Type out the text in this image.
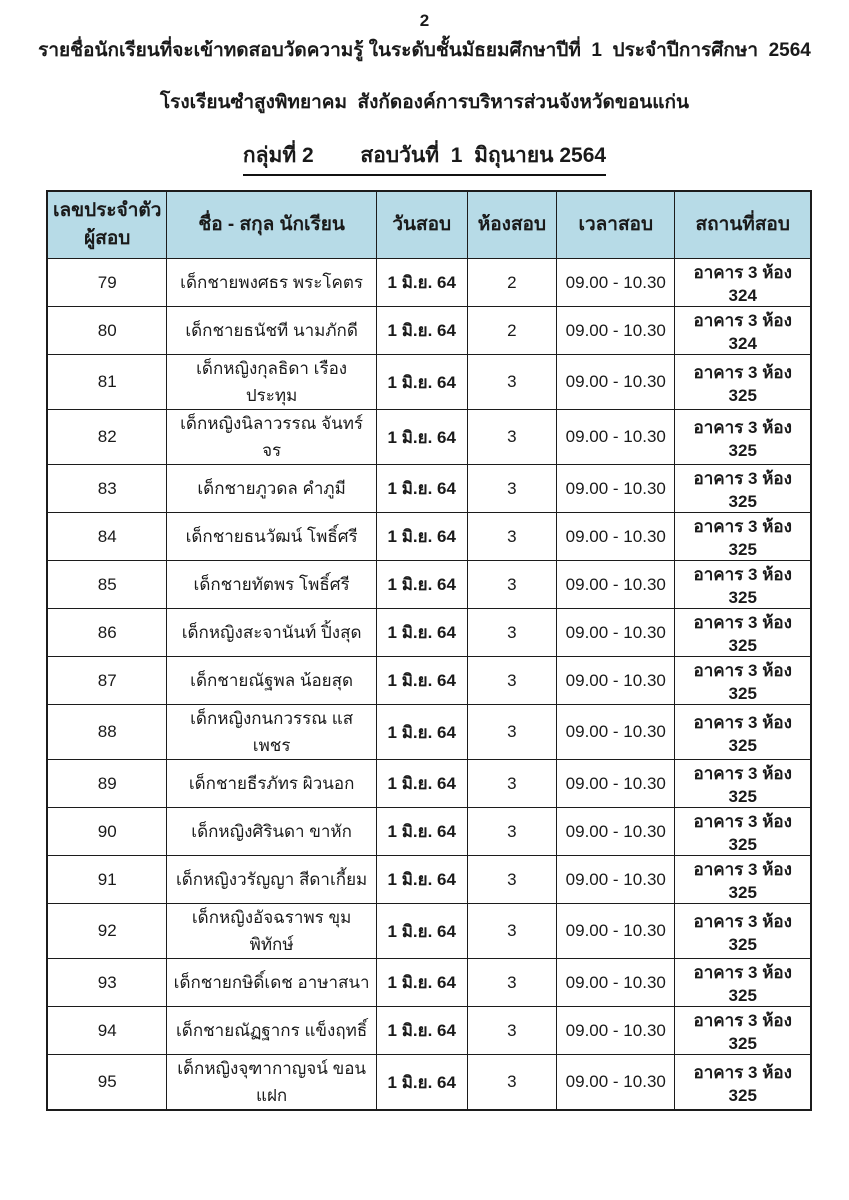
2
รายชื่อนักเรียนที่จะเข้าทดสอบวัดความรู้ ในระดับชั้นมัธยมศึกษาปีที่  1  ประจำปีการศึกษา  2564
โรงเรียนซำสูงพิทยาคม  สังกัดองค์การบริหารส่วนจังหวัดขอนแก่น
กลุ่มที่ 2        สอบวันที่  1  มิถุนายน 2564
เลขประจำตัว
ผู้สอบ	ชื่อ - สกุล นักเรียน	วันสอบ	ห้องสอบ	เวลาสอบ	สถานที่สอบ
79	เด็กชายพงศธร พระโคตร	1 มิ.ย. 64	2	09.00 - 10.30	อาคาร 3 ห้อง 324
80	เด็กชายธนัชที นามภักดี	1 มิ.ย. 64	2	09.00 - 10.30	อาคาร 3 ห้อง 324
81	เด็กหญิงกุลธิดา เรืองประทุม	1 มิ.ย. 64	3	09.00 - 10.30	อาคาร 3 ห้อง 325
82	เด็กหญิงนิลาวรรณ จันทร์จร	1 มิ.ย. 64	3	09.00 - 10.30	อาคาร 3 ห้อง 325
83	เด็กชายภูวดล คำภูมี	1 มิ.ย. 64	3	09.00 - 10.30	อาคาร 3 ห้อง 325
84	เด็กชายธนวัฒน์ โพธิ์ศรี	1 มิ.ย. 64	3	09.00 - 10.30	อาคาร 3 ห้อง 325
85	เด็กชายทัตพร โพธิ์ศรี	1 มิ.ย. 64	3	09.00 - 10.30	อาคาร 3 ห้อง 325
86	เด็กหญิงสะจานันท์ ปิ้งสุด	1 มิ.ย. 64	3	09.00 - 10.30	อาคาร 3 ห้อง 325
87	เด็กชายณัฐพล น้อยสุด	1 มิ.ย. 64	3	09.00 - 10.30	อาคาร 3 ห้อง 325
88	เด็กหญิงกนกวรรณ แสเพชร	1 มิ.ย. 64	3	09.00 - 10.30	อาคาร 3 ห้อง 325
89	เด็กชายธีรภัทร ผิวนอก	1 มิ.ย. 64	3	09.00 - 10.30	อาคาร 3 ห้อง 325
90	เด็กหญิงศิรินดา ขาหัก	1 มิ.ย. 64	3	09.00 - 10.30	อาคาร 3 ห้อง 325
91	เด็กหญิงวรัญญา สีดาเกี้ยม	1 มิ.ย. 64	3	09.00 - 10.30	อาคาร 3 ห้อง 325
92	เด็กหญิงอัจฉราพร ขุมพิทักษ์	1 มิ.ย. 64	3	09.00 - 10.30	อาคาร 3 ห้อง 325
93	เด็กชายกษิดิ์เดช อาษาสนา	1 มิ.ย. 64	3	09.00 - 10.30	อาคาร 3 ห้อง 325
94	เด็กชายณัฏฐากร แข็งฤทธิ์	1 มิ.ย. 64	3	09.00 - 10.30	อาคาร 3 ห้อง 325
95	เด็กหญิงจุฑากาญจน์ ขอนแฝก	1 มิ.ย. 64	3	09.00 - 10.30	อาคาร 3 ห้อง 325
